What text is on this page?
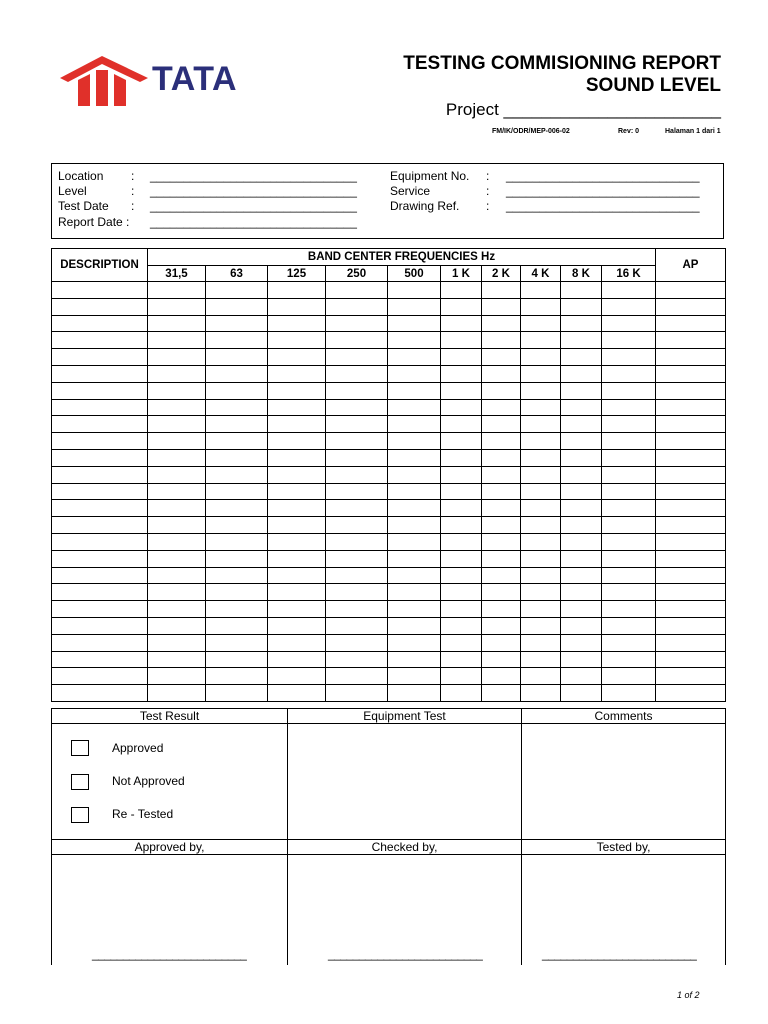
TATA	TESTING COMMISIONING REPORT
SOUND LEVEL
Project _______________________
FM/IK/ODR/MEP-006-02	Rev: 0	Halaman 1 dari 1
Location : _______________________________
Level	: _______________________________
Test Date : _______________________________
Report Date : _______________________________
Equipment No. : _____________________________
Service	: _____________________________
Drawing Ref. : _____________________________
DESCRIPTION	BAND CENTER FREQUENCIES Hz										AP
	31,5	63	125	250	500	1 K	2 K	4 K	8 K	16 K	

Test Result	Equipment Test	Comments

Approved
Not Approved
Re - Tested		

Approved by,	Checked by,	Tested by,

_________________________	_________________________	_________________________
1 of 2
